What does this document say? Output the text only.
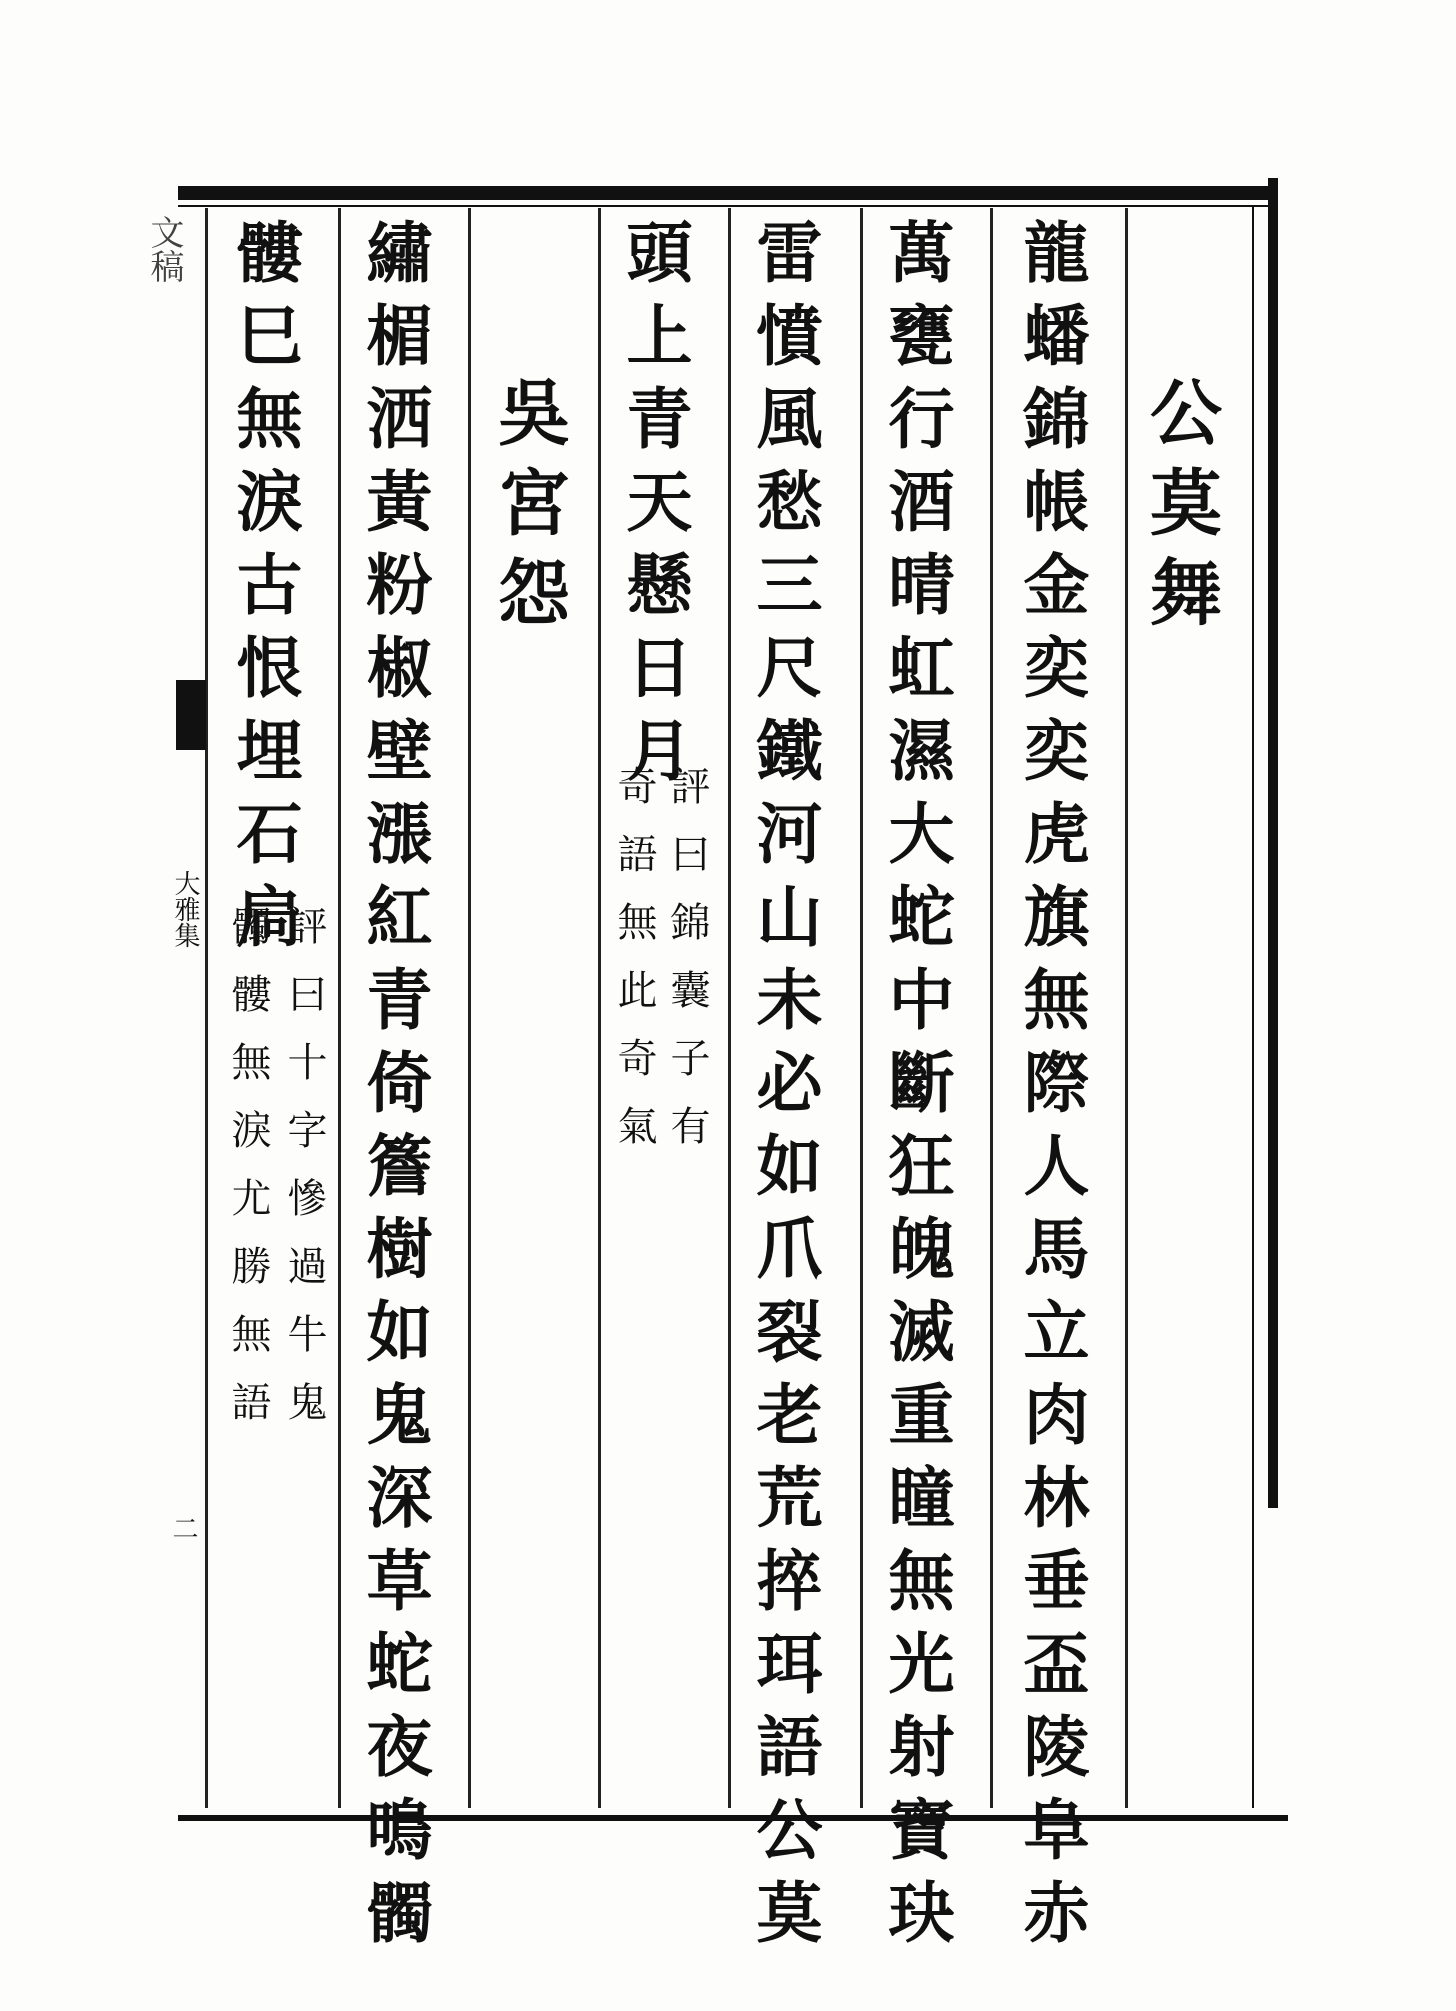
文稿
大雅集
二
公莫舞
龍蟠錦帳金奕奕虎旗無際人馬立肉林垂盃陵阜赤
萬甕行酒晴虹濕大蛇中斷狂魄滅重瞳無光射寶玦
雷憤風愁三尺鐵河山未必如爪裂老荒捽珥語公莫
頭上青天懸日月
評曰錦囊子有
奇語無此奇氣
吳宮怨
繡楣洒黃粉椒壁漲紅青倚簷樹如鬼深草蛇夜鳴髑
髏巳無淚古恨埋石扃
評曰十字慘過牛鬼
髑髏無淚尤勝無語
